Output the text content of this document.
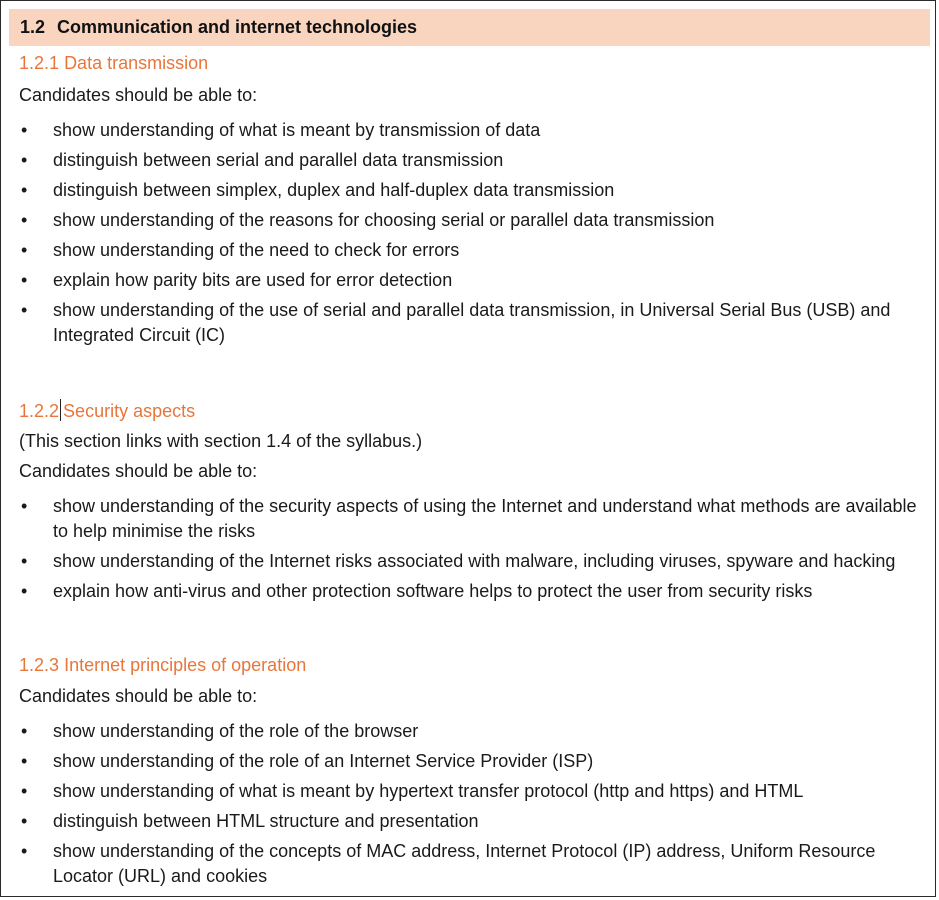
1.2 Communication and internet technologies
1.2.1 Data transmission
Candidates should be able to:
• show understanding of what is meant by transmission of data
• distinguish between serial and parallel data transmission
• distinguish between simplex, duplex and half-duplex data transmission
• show understanding of the reasons for choosing serial or parallel data transmission
• show understanding of the need to check for errors
• explain how parity bits are used for error detection
• show understanding of the use of serial and parallel data transmission, in Universal Serial Bus (USB) and Integrated Circuit (IC)
1.2.2 Security aspects
(This section links with section 1.4 of the syllabus.)
Candidates should be able to:
• show understanding of the security aspects of using the Internet and understand what methods are available to help minimise the risks
• show understanding of the Internet risks associated with malware, including viruses, spyware and hacking
• explain how anti-virus and other protection software helps to protect the user from security risks
1.2.3 Internet principles of operation
Candidates should be able to:
• show understanding of the role of the browser
• show understanding of the role of an Internet Service Provider (ISP)
• show understanding of what is meant by hypertext transfer protocol (http and https) and HTML
• distinguish between HTML structure and presentation
• show understanding of the concepts of MAC address, Internet Protocol (IP) address, Uniform Resource Locator (URL) and cookies
